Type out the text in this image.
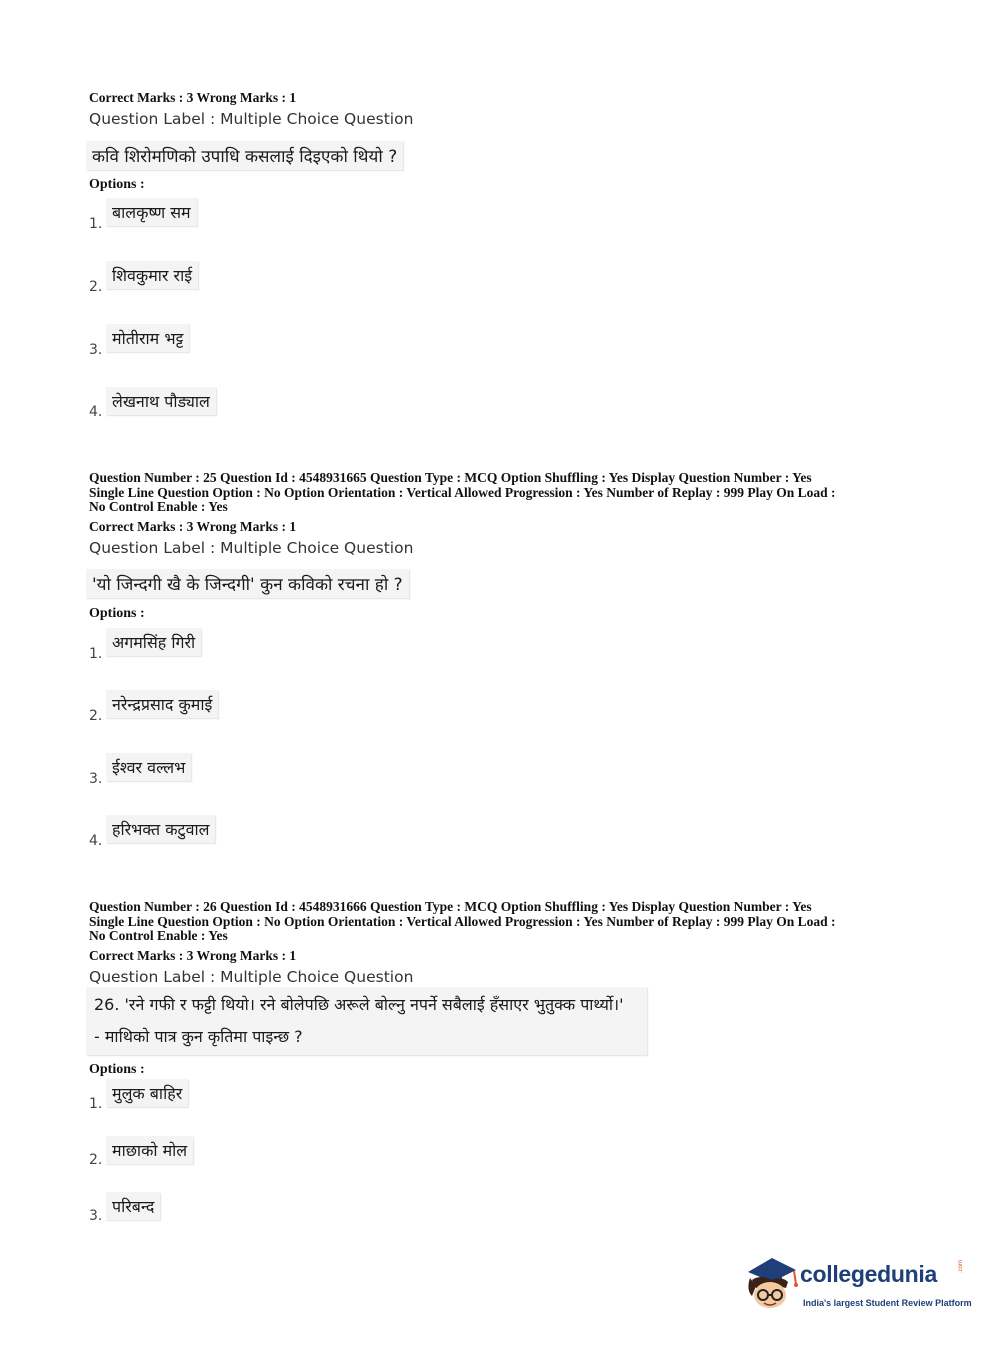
Correct Marks : 3 Wrong Marks : 1
Question Label : Multiple Choice Question
कवि शिरोमणिको उपाधि कसलाई दिइएको थियो ?
Options :
1.
बालकृष्ण सम
2.
शिवकुमार राई
3.
मोतीराम भट्ट
4.
लेखनाथ पौड्याल
Question Number : 25 Question Id : 4548931665 Question Type : MCQ Option Shuffling : Yes Display Question Number : Yes
Single Line Question Option : No Option Orientation : Vertical Allowed Progression : Yes Number of Replay : 999 Play On Load :
No Control Enable : Yes
Correct Marks : 3 Wrong Marks : 1
Question Label : Multiple Choice Question
'यो जिन्दगी खै के जिन्दगी' कुन कविको रचना हो ?
Options :
1.
अगमसिंह गिरी
2.
नरेन्द्रप्रसाद कुमाई
3.
ईश्वर वल्लभ
4.
हरिभक्त कटुवाल
Question Number : 26 Question Id : 4548931666 Question Type : MCQ Option Shuffling : Yes Display Question Number : Yes
Single Line Question Option : No Option Orientation : Vertical Allowed Progression : Yes Number of Replay : 999 Play On Load :
No Control Enable : Yes
Correct Marks : 3 Wrong Marks : 1
Question Label : Multiple Choice Question
26. 'रने गफी र फट्टी थियो। रने बोलेपछि अरूले बोल्नु नपर्ने सबैलाई हँसाएर भुतुक्क पार्थ्यो।'
- माथिको पात्र कुन कृतिमा पाइन्छ ?
Options :
1.
मुलुक बाहिर
2. माछाको मोल
3. परिबन्द
collegedunia	.com
India's largest Student Review Platform
